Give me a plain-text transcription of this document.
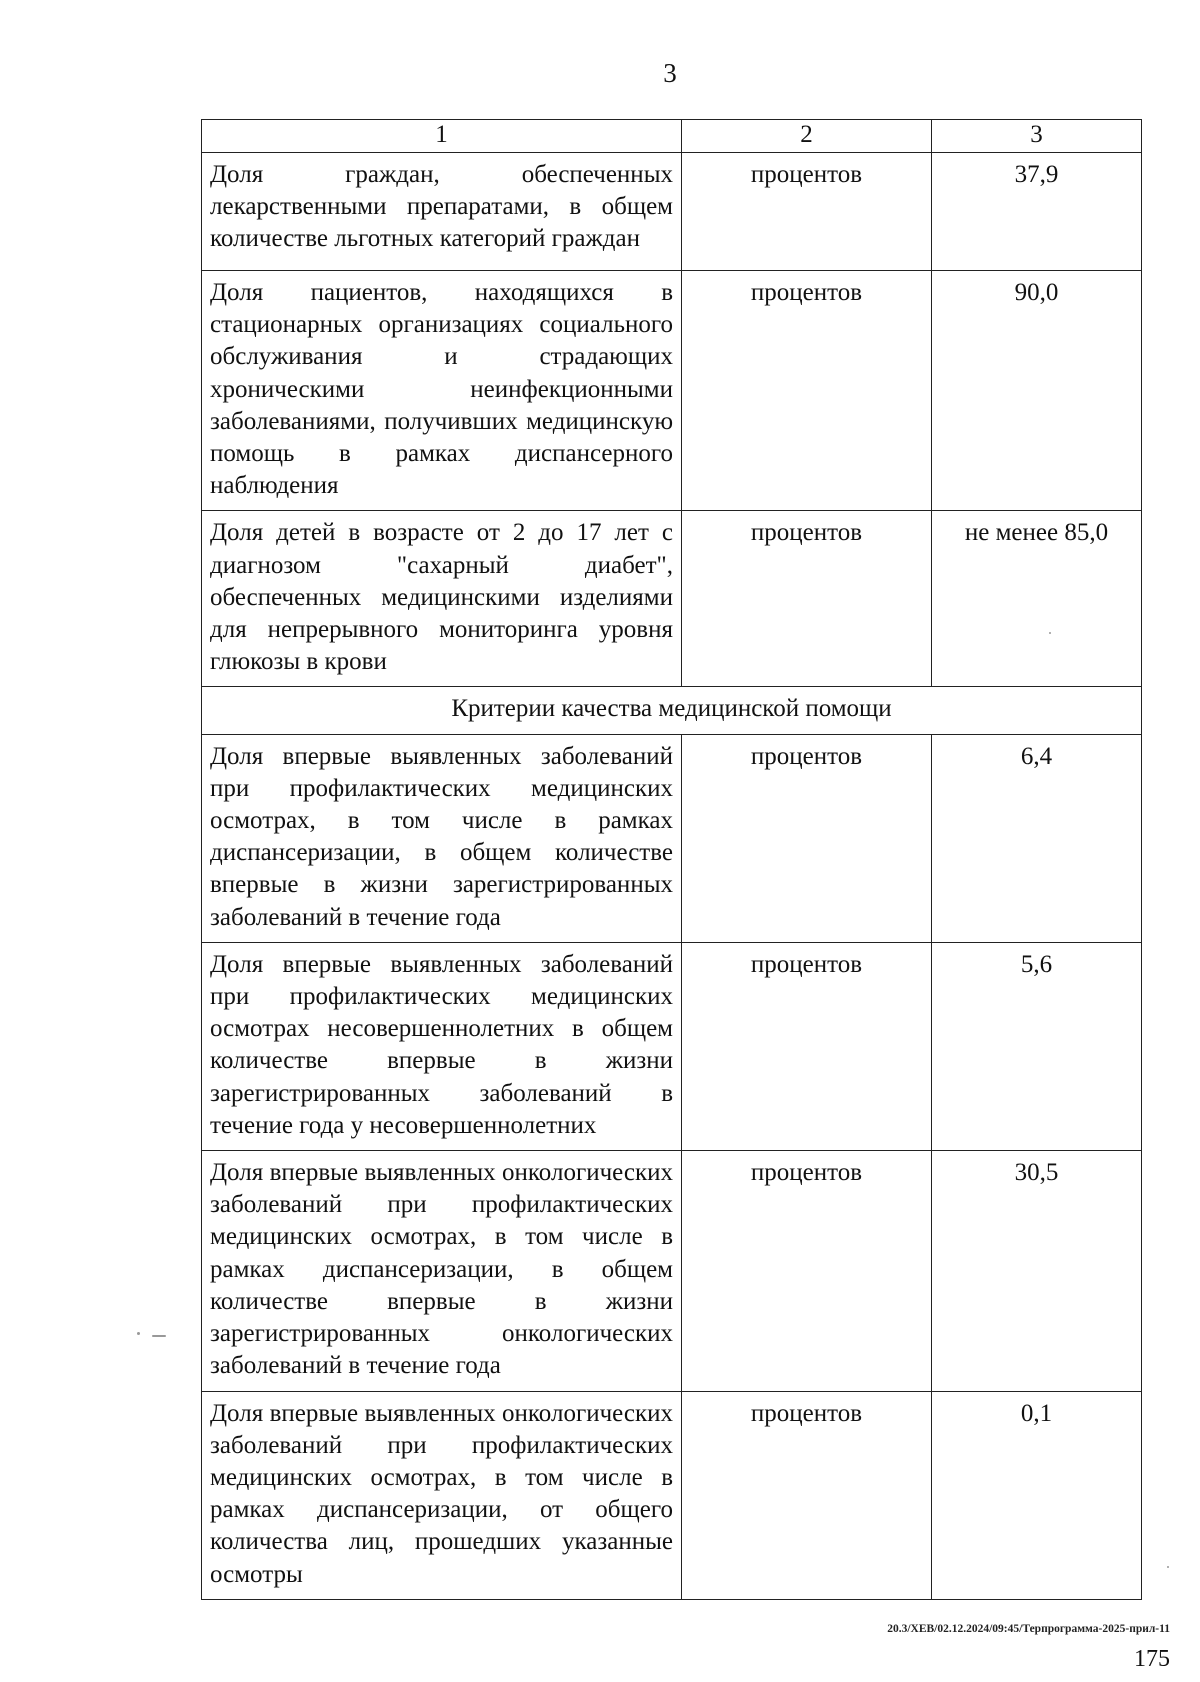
3
1	2	3
Доля граждан, обеспеченных лекарственными препаратами, в общем количестве льготных категорий граждан	процентов	37,9
Доля пациентов, находящихся в стационарных организациях социального обслуживания и страдающих хроническими неинфекционными заболеваниями, получивших медицинскую помощь в рамках диспансерного наблюдения	процентов	90,0
Доля детей в возрасте от 2 до 17 лет с диагнозом "сахарный диабет", обеспеченных медицинскими изделиями для непрерывного мониторинга уровня глюкозы в крови	процентов	не менее 85,0
Критерии качества медицинской помощи		
Доля впервые выявленных заболеваний при профилактических медицинских осмотрах, в том числе в рамках диспансеризации, в общем количестве впервые в жизни зарегистрированных заболеваний в течение года	процентов	6,4
Доля впервые выявленных заболеваний при профилактических медицинских осмотрах несовершеннолетних в общем количестве впервые в жизни зарегистрированных заболеваний в течение года у несовершеннолетних	процентов	5,6
Доля впервые выявленных онкологических заболеваний при профилактических медицинских осмотрах, в том числе в рамках диспансеризации, в общем количестве впервые в жизни зарегистрированных онкологических заболеваний в течение года	процентов	30,5
Доля впервые выявленных онкологических заболеваний при профилактических медицинских осмотрах, в том числе в рамках диспансеризации, от общего количества лиц, прошедших указанные осмотры	процентов	0,1
20.3/ХЕВ/02.12.2024/09:45/Терпрограмма-2025-прил-11
175
